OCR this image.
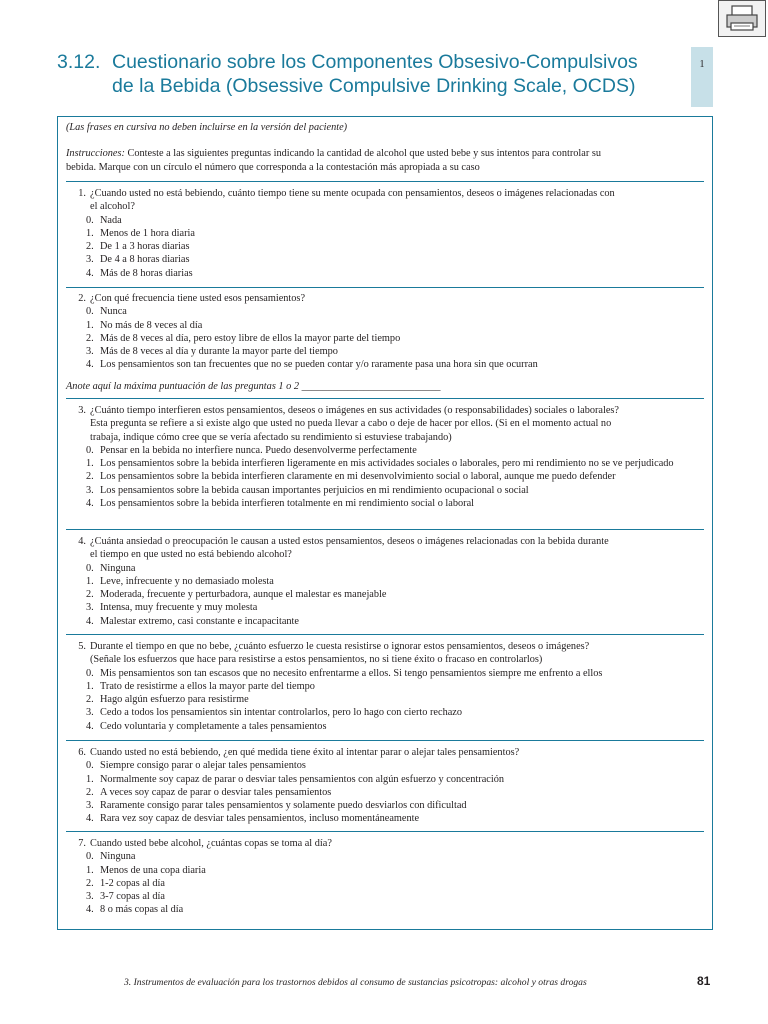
3.12. Cuestionario sobre los Componentes Obsesivo-Compulsivos
de la Bebida (Obsessive Compulsive Drinking Scale, OCDS)
1
(Las frases en cursiva no deben incluirse en la versión del paciente)
Instrucciones: Conteste a las siguientes preguntas indicando la cantidad de alcohol que usted bebe y sus intentos para controlar su
bebida. Marque con un círculo el número que corresponda a la contestación más apropiada a su caso
1. ¿Cuando usted no está bebiendo, cuánto tiempo tiene su mente ocupada con pensamientos, deseos o imágenes relacionadas con
el alcohol?
0. Nada
1. Menos de 1 hora diaria
2. De 1 a 3 horas diarias
3. De 4 a 8 horas diarias
4. Más de 8 horas diarias
2. ¿Con qué frecuencia tiene usted esos pensamientos?
0. Nunca
1. No más de 8 veces al día
2. Más de 8 veces al día, pero estoy libre de ellos la mayor parte del tiempo
3. Más de 8 veces al día y durante la mayor parte del tiempo
4. Los pensamientos son tan frecuentes que no se pueden contar y/o raramente pasa una hora sin que ocurran
Anote aquí la máxima puntuación de las preguntas 1 o 2 ___________________________
3. ¿Cuánto tiempo interfieren estos pensamientos, deseos o imágenes en sus actividades (o responsabilidades) sociales o laborales?
Esta pregunta se refiere a si existe algo que usted no pueda llevar a cabo o deje de hacer por ellos. (Si en el momento actual no
trabaja, indique cómo cree que se vería afectado su rendimiento si estuviese trabajando)
0. Pensar en la bebida no interfiere nunca. Puedo desenvolverme perfectamente
1. Los pensamientos sobre la bebida interfieren ligeramente en mis actividades sociales o laborales, pero mi rendimiento no se ve perjudicado
2. Los pensamientos sobre la bebida interfieren claramente en mi desenvolvimiento social o laboral, aunque me puedo defender
3. Los pensamientos sobre la bebida causan importantes perjuicios en mi rendimiento ocupacional o social
4. Los pensamientos sobre la bebida interfieren totalmente en mi rendimiento social o laboral
4. ¿Cuánta ansiedad o preocupación le causan a usted estos pensamientos, deseos o imágenes relacionadas con la bebida durante
el tiempo en que usted no está bebiendo alcohol?
0. Ninguna
1. Leve, infrecuente y no demasiado molesta
2. Moderada, frecuente y perturbadora, aunque el malestar es manejable
3. Intensa, muy frecuente y muy molesta
4. Malestar extremo, casi constante e incapacitante
5. Durante el tiempo en que no bebe, ¿cuánto esfuerzo le cuesta resistirse o ignorar estos pensamientos, deseos o imágenes?
(Señale los esfuerzos que hace para resistirse a estos pensamientos, no si tiene éxito o fracaso en controlarlos)
0. Mis pensamientos son tan escasos que no necesito enfrentarme a ellos. Si tengo pensamientos siempre me enfrento a ellos
1. Trato de resistirme a ellos la mayor parte del tiempo
2. Hago algún esfuerzo para resistirme
3. Cedo a todos los pensamientos sin intentar controlarlos, pero lo hago con cierto rechazo
4. Cedo voluntaria y completamente a tales pensamientos
6. Cuando usted no está bebiendo, ¿en qué medida tiene éxito al intentar parar o alejar tales pensamientos?
0. Siempre consigo parar o alejar tales pensamientos
1. Normalmente soy capaz de parar o desviar tales pensamientos con algún esfuerzo y concentración
2. A veces soy capaz de parar o desviar tales pensamientos
3. Raramente consigo parar tales pensamientos y solamente puedo desviarlos con dificultad
4. Rara vez soy capaz de desviar tales pensamientos, incluso momentáneamente
7. Cuando usted bebe alcohol, ¿cuántas copas se toma al día?
0. Ninguna
1. Menos de una copa diaria
2. 1-2 copas al día
3. 3-7 copas al día
4. 8 o más copas al día
3. Instrumentos de evaluación para los trastornos debidos al consumo de sustancias psicotropas: alcohol y otras drogas	81
